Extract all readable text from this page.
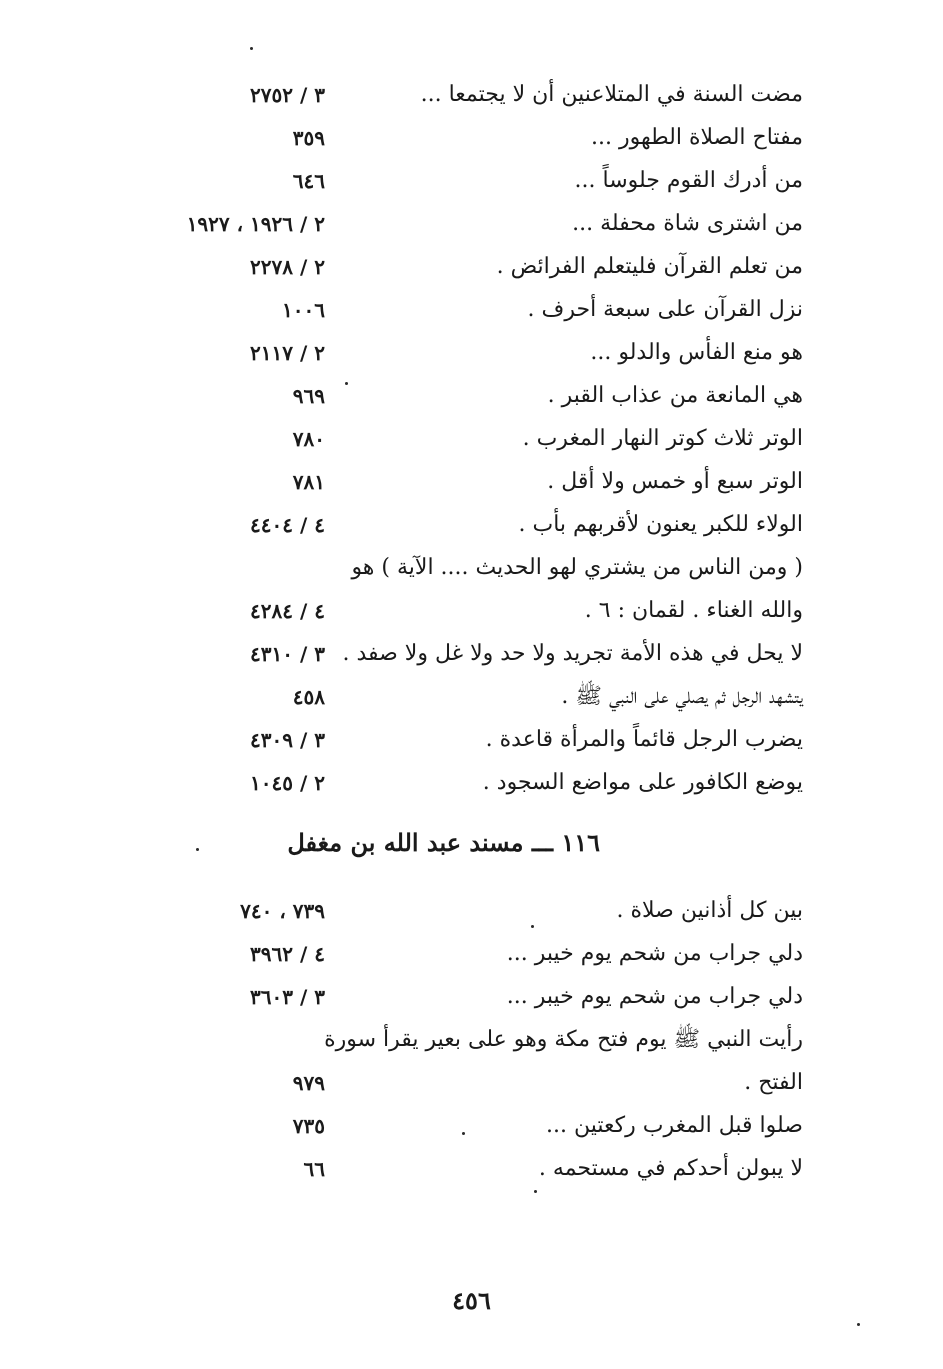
مضت السنة في المتلاعنين أن لا يجتمعا ...
٣ / ٢٧٥٢
مفتاح الصلاة الطهور ...
٣٥٩
من أدرك القوم جلوساً ...
٦٤٦
من اشترى شاة محفلة ...
٢ / ١٩٢٦ ، ١٩٢٧
من تعلم القرآن فليتعلم الفرائض .
٢ / ٢٢٧٨
نزل القرآن على سبعة أحرف .
١٠٠٦
هو منع الفأس والدلو ...
٢ / ٢١١٧
هي المانعة من عذاب القبر .
٩٦٩
الوتر ثلاث كوتر النهار المغرب .
٧٨٠
الوتر سبع أو خمس ولا أقل .
٧٨١
الولاء للكبر يعنون لأقربهم بأب .
٤ / ٤٤٠٤
( ومن الناس من يشتري لهو الحديث .... الآية ) هو
والله الغناء . لقمان : ٦ .
٤ / ٤٢٨٤
لا يحل في هذه الأمة تجريد ولا حد ولا غل ولا صفد .
٣ / ٤٣١٠
يتشهد الرجل ثم يصلي على النبي ﷺ .
٤٥٨
يضرب الرجل قائماً والمرأة قاعدة .
٣ / ٤٣٠٩
يوضع الكافور على مواضع السجود .
٢ / ١٠٤٥
١١٦ ـــ مسند عبد الله بن مغفل
بين كل أذانين صلاة .
٧٣٩ ، ٧٤٠
دلي جراب من شحم يوم خيبر ...
٤ / ٣٩٦٢
دلي جراب من شحم يوم خيبر ...
٣ / ٣٦٠٣
رأيت النبي ﷺ يوم فتح مكة وهو على بعير يقرأ سورة
الفتح .
٩٧٩
صلوا قبل المغرب ركعتين ...
٧٣٥
لا يبولن أحدكم في مستحمه .
٦٦
٤٥٦
